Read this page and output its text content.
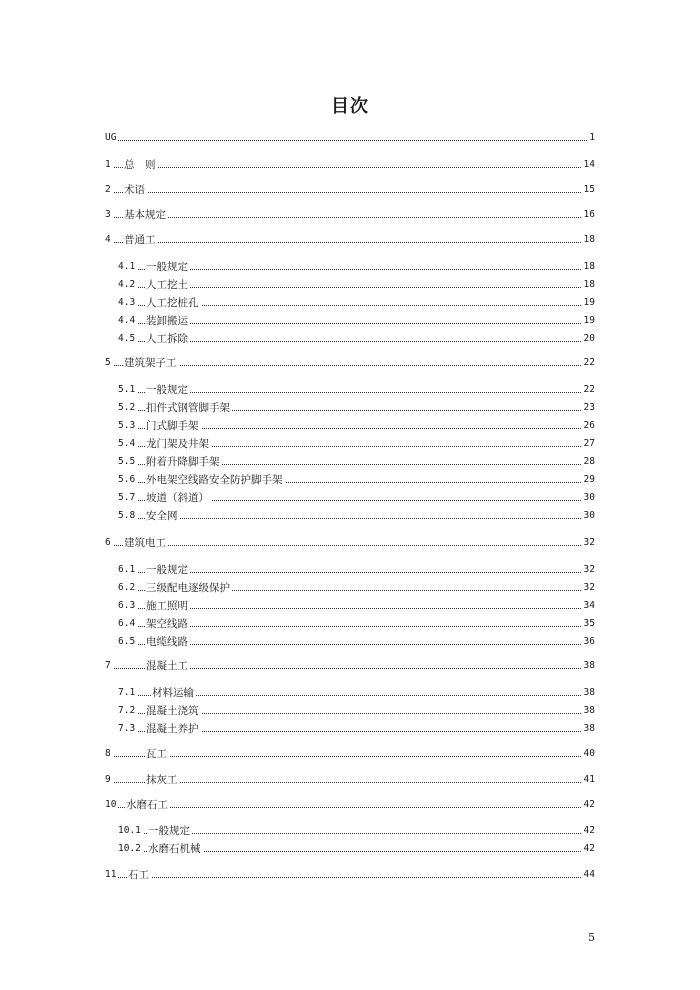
目次
UG	1
1 总　则	14
2 术语	15
3 基本规定	16
4 普通工	18
4.1 一般规定	18
4.2 人工挖土	18
4.3 人工挖桩孔	19
4.4 装卸搬运	19
4.5 人工拆除	20
5 建筑架子工	22
5.1 一般规定	22
5.2 扣件式钢管脚手架	23
5.3 门式脚手架	26
5.4 龙门架及井架	27
5.5 附着升降脚手架	28
5.6 外电架空线路安全防护脚手架	29
5.7 坡道（斜道）	30
5.8 安全网	30
6 建筑电工	32
6.1 一般规定	32
6.2 三级配电逐级保护	32
6.3 施工照明	34
6.4 架空线路	35
6.5 电缆线路	36
7	混凝土工	38
7.1 材料运输	38
7.2 混凝土浇筑	38
7.3 混凝土养护	38
8	瓦工	40
9	抹灰工	41
10 水磨石工	42
10.1 一般规定	42
10.2 水磨石机械	42
11 石工	44
5
